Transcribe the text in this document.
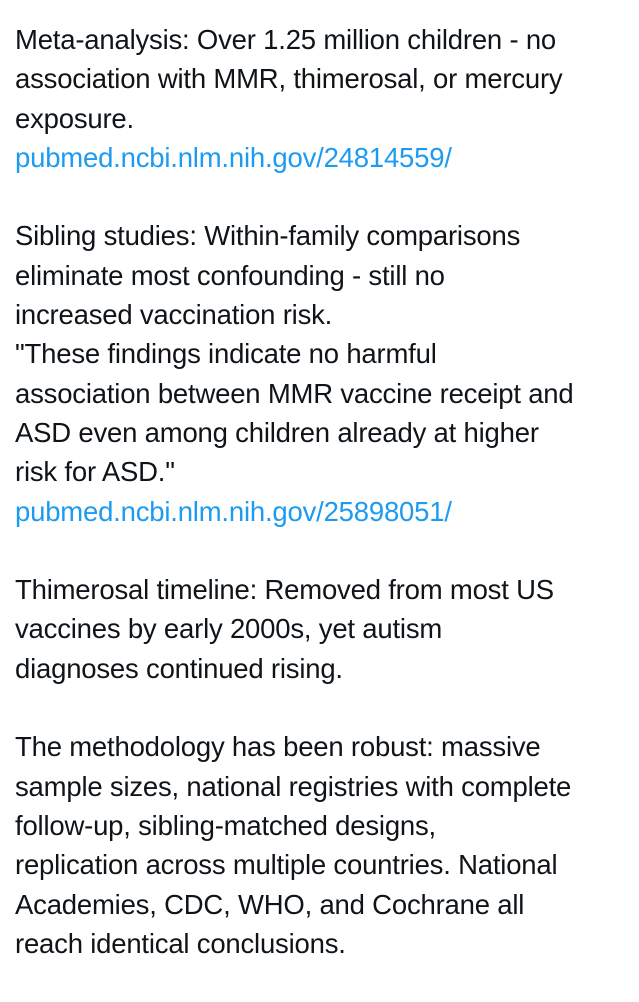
Meta-analysis: Over 1.25 million children - no
association with MMR, thimerosal, or mercury
exposure.
pubmed.ncbi.nlm.nih.gov/24814559/
Sibling studies: Within-family comparisons
eliminate most confounding - still no
increased vaccination risk.
"These findings indicate no harmful
association between MMR vaccine receipt and
ASD even among children already at higher
risk for ASD."
pubmed.ncbi.nlm.nih.gov/25898051/
Thimerosal timeline: Removed from most US
vaccines by early 2000s, yet autism
diagnoses continued rising.
The methodology has been robust: massive
sample sizes, national registries with complete
follow-up, sibling-matched designs,
replication across multiple countries. National
Academies, CDC, WHO, and Cochrane all
reach identical conclusions.
